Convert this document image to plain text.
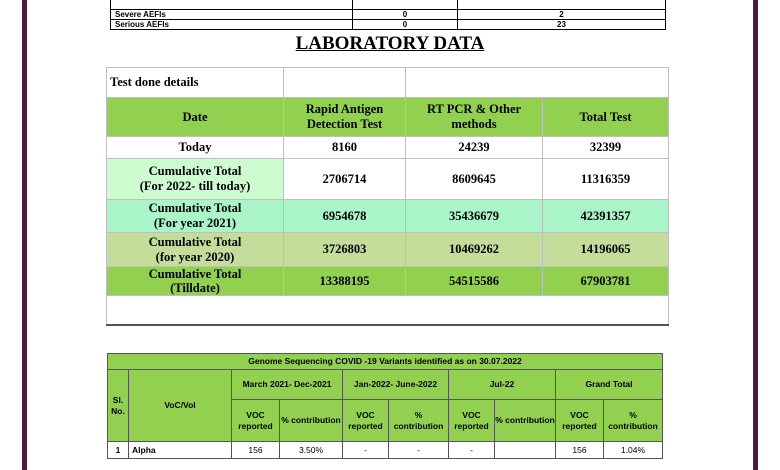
Severe AEFIs	0	2
Serious AEFIs	0	23
LABORATORY DATA
Test done details			
Date	Rapid Antigen Detection Test	RT PCR & Other methods	Total Test
Today	8160	24239	32399

Cumulative Total
(For 2022- till today)	2706714	8609645	11316359

Cumulative Total
(For year 2021)	6954678	35436679	42391357

Cumulative Total
(for year 2020)	3726803	10469262	14196065

Cumulative Total
(Tilldate)	13388195	54515586	67903781

Genome Sequencing COVID -19 Variants identified as on 30.07.2022									
Sl. No.	VoC/VoI	March 2021- Dec-2021		Jan-2022- June-2022		Jul-22		Grand Total	
		VOC reported	% contribution	VOC reported	% contribution	VOC reported	% contribution	VOC reported	% contribution
1	Alpha	156	3.50%	-	-	-		156	1.04%
